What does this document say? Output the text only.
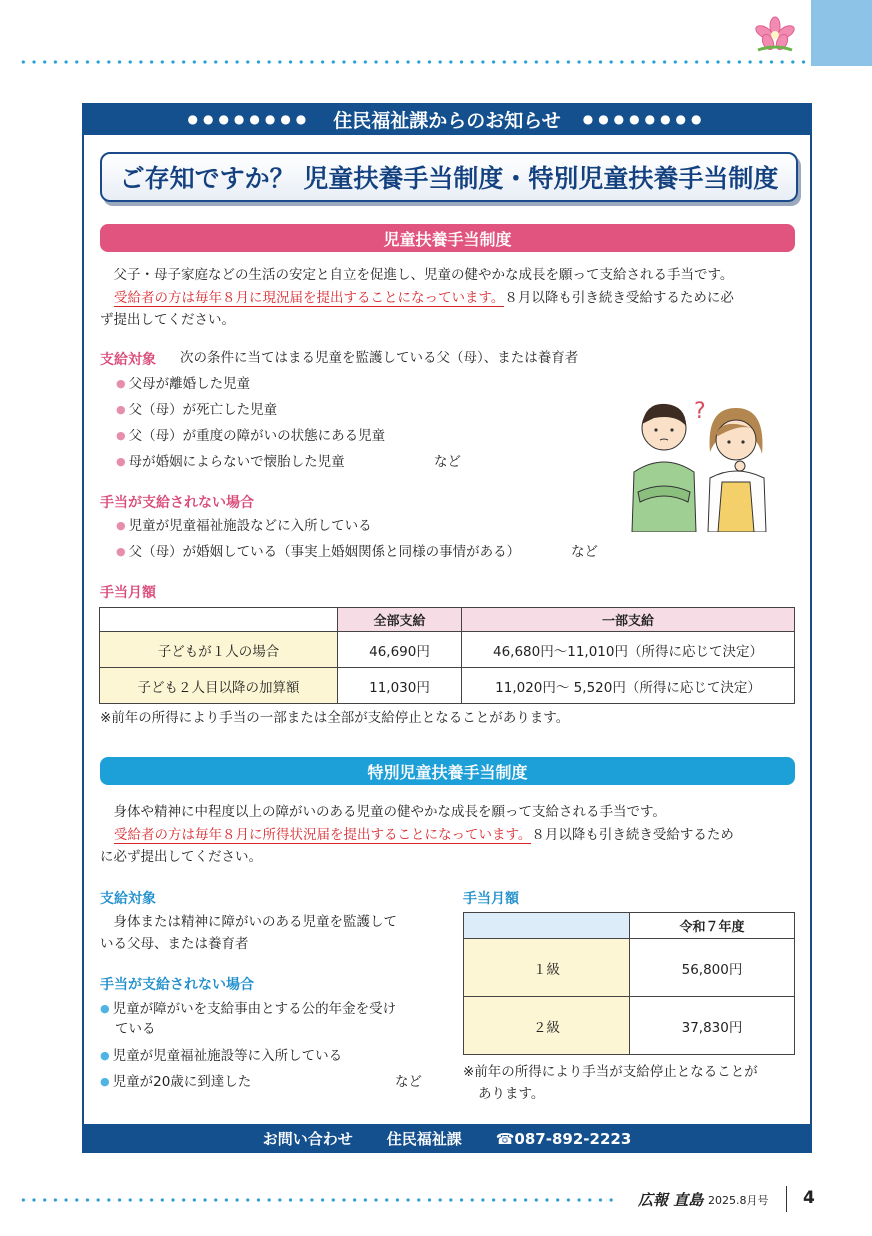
●●●●●●●● 住民福祉課からのお知らせ ●●●●●●●●
ご存知ですか？ 児童扶養手当制度・特別児童扶養手当制度
児童扶養手当制度
　父子・母子家庭などの生活の安定と自立を促進し、児童の健やかな成長を願って支給される手当です。
受給者の方は毎年８月に現況届を提出することになっています。８月以降も引き続き受給するために必
ず提出してください。
支給対象 次の条件に当てはまる児童を監護している父（母）、または養育者
● 父母が離婚した児童
● 父（母）が死亡した児童
● 父（母）が重度の障がいの状態にある児童
● 母が婚姻によらないで懐胎した児童	など
?
手当が支給されない場合
● 児童が児童福祉施設などに入所している
● 父（母）が婚姻している（事実上婚姻関係と同様の事情がある）	など
手当月額
	全部支給	一部支給
子どもが１人の場合	46,690円	46,680円～11,010円（所得に応じて決定）
子ども２人目以降の加算額	11,030円	11,020円～ 5,520円（所得に応じて決定）
※前年の所得により手当の一部または全部が支給停止となることがあります。
特別児童扶養手当制度
　身体や精神に中程度以上の障がいのある児童の健やかな成長を願って支給される手当です。
受給者の方は毎年８月に所得状況届を提出することになっています。８月以降も引き続き受給するため
に必ず提出してください。
支給対象
　身体または精神に障がいのある児童を監護して
いる父母、または養育者
手当が支給されない場合
● 児童が障がいを支給事由とする公的年金を受け
ている
● 児童が児童福祉施設等に入所している
● 児童が20歳に到達した	など
手当月額
	令和７年度
１級	56,800円
２級	37,830円
※前年の所得により手当が支給停止となることが
あります。
お問い合わせ 住民福祉課 ☎087-892-2223
広報 直島 2025.8月号 4
